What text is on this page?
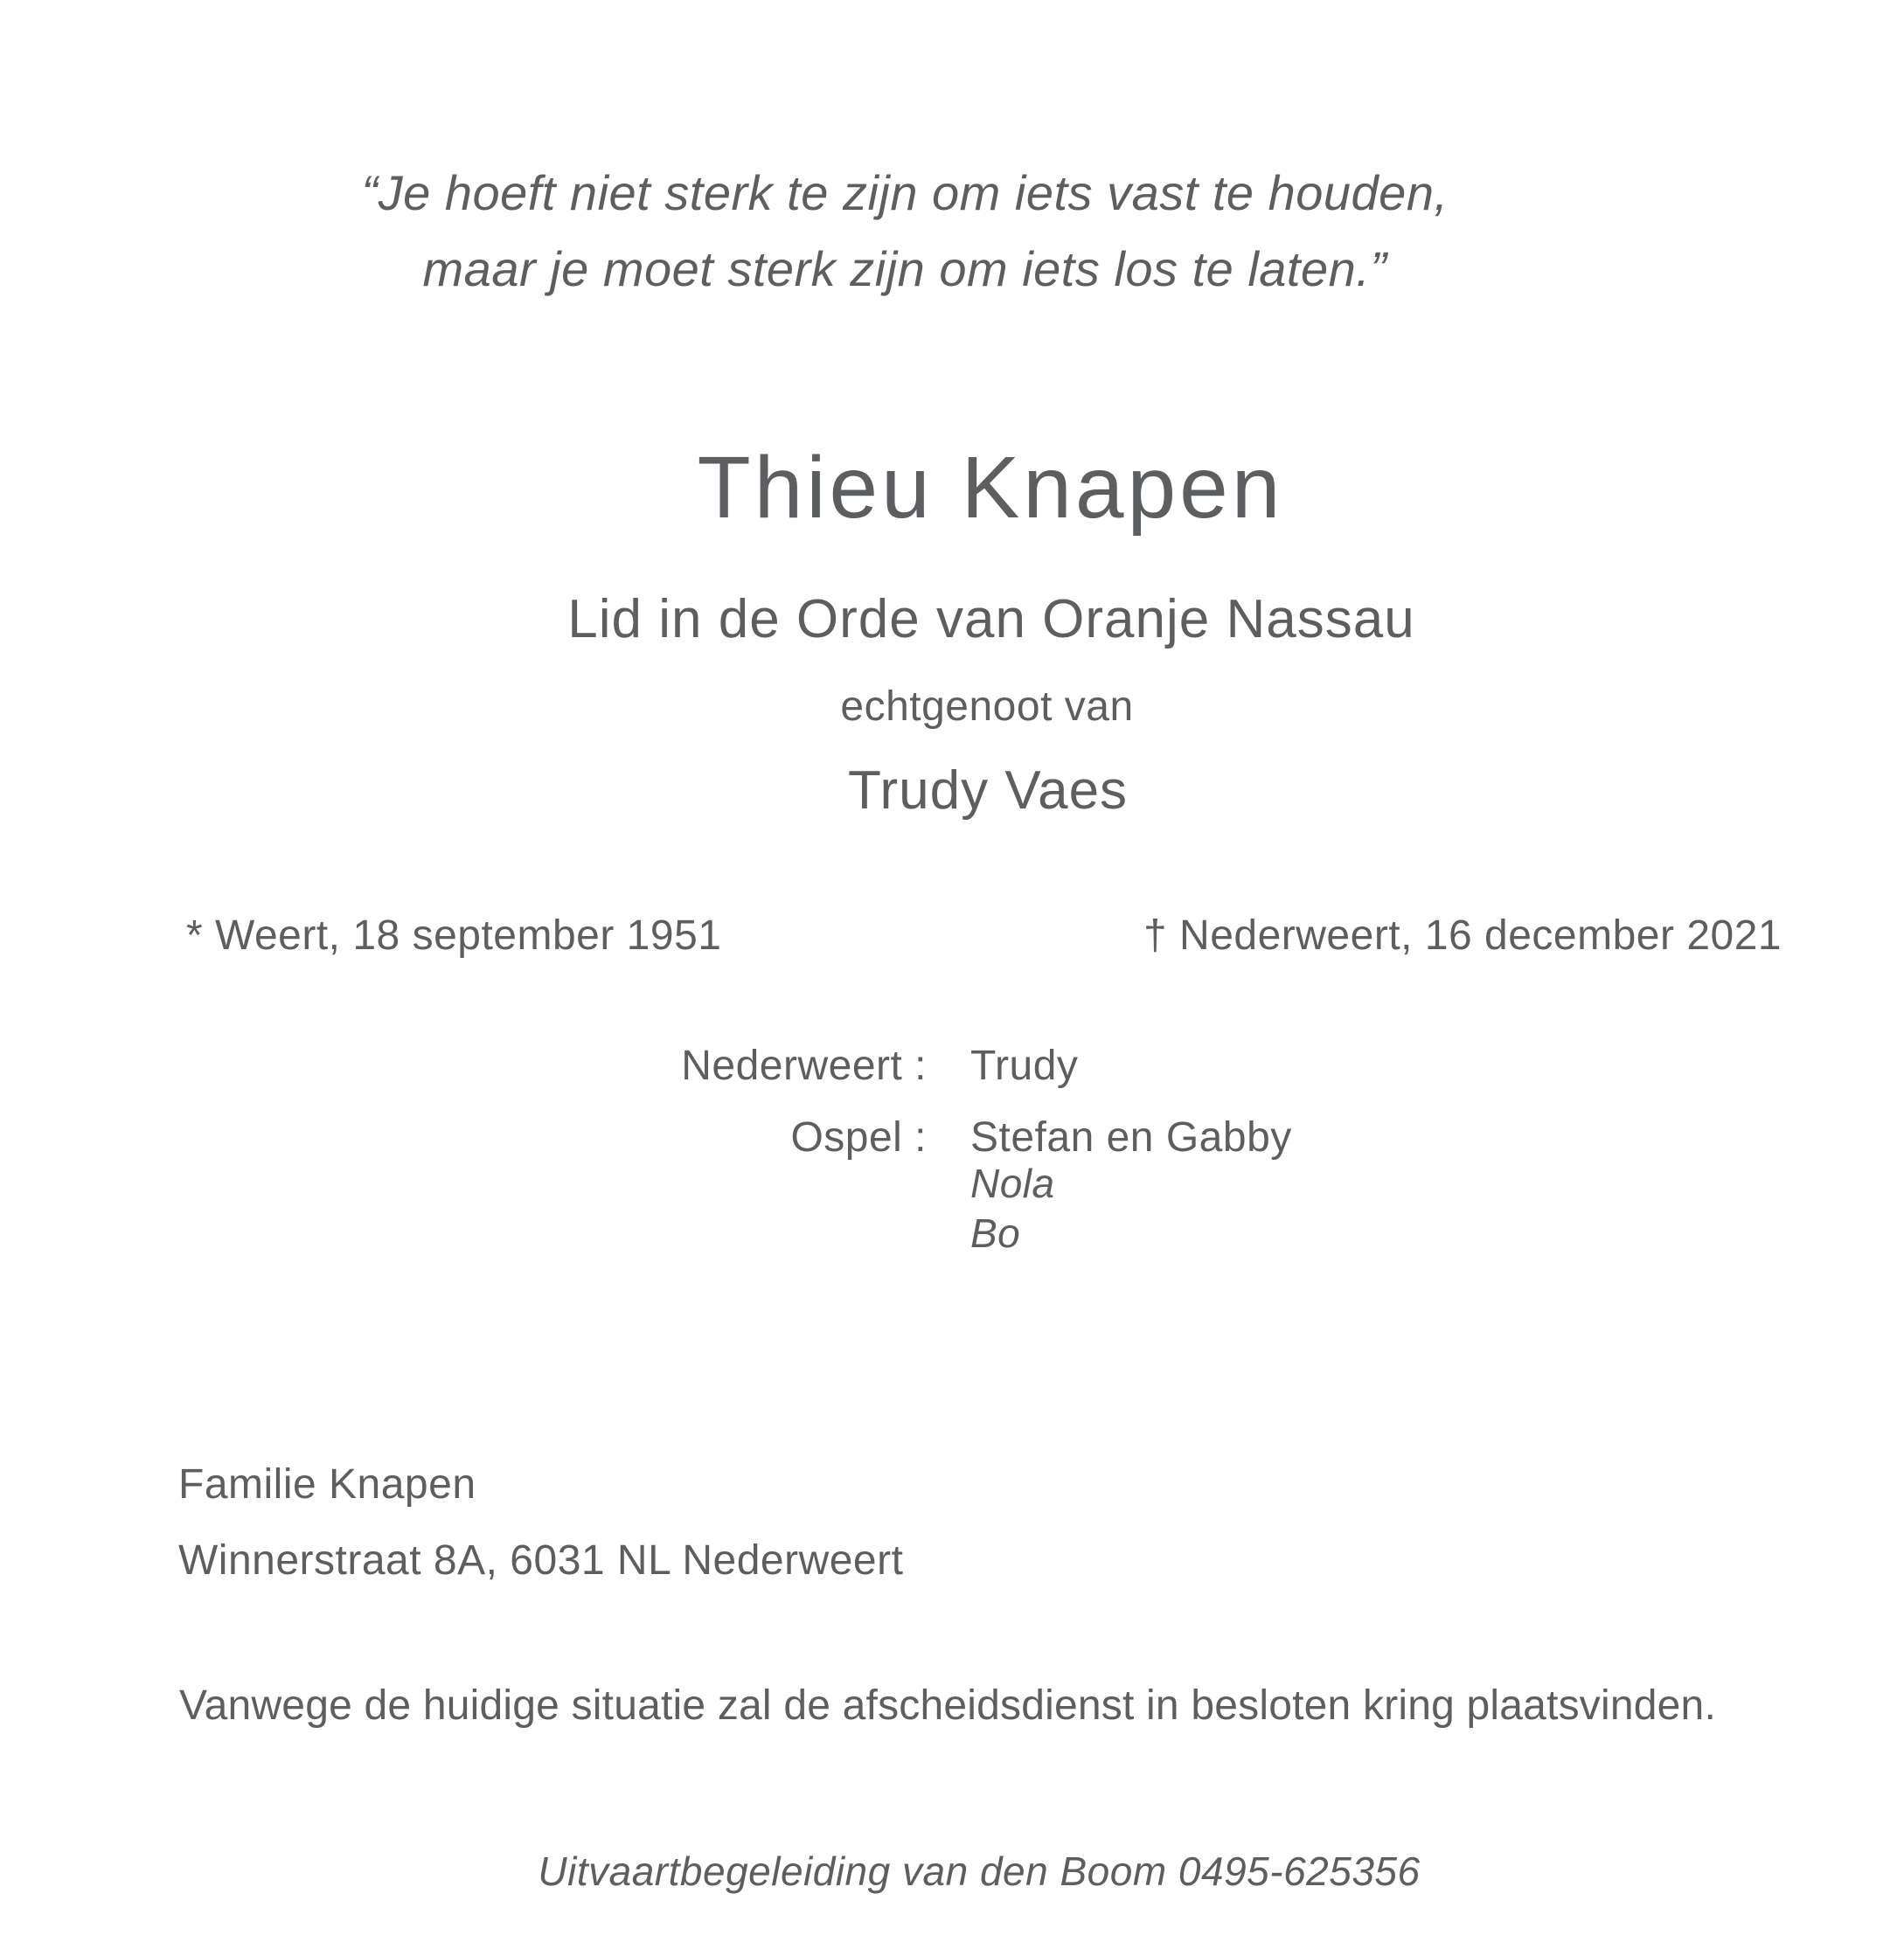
“Je hoeft niet sterk te zijn om iets vast te houden,
maar je moet sterk zijn om iets los te laten.”
Thieu Knapen
Lid in de Orde van Oranje Nassau
echtgenoot van
Trudy Vaes
* Weert, 18 september 1951	† Nederweert, 16 december 2021
Nederweert : Trudy
Ospel : Stefan en Gabby
Nola
Bo
Familie Knapen
Winnerstraat 8A, 6031 NL Nederweert
Vanwege de huidige situatie zal de afscheidsdienst in besloten kring plaatsvinden.
Uitvaartbegeleiding van den Boom 0495-625356
